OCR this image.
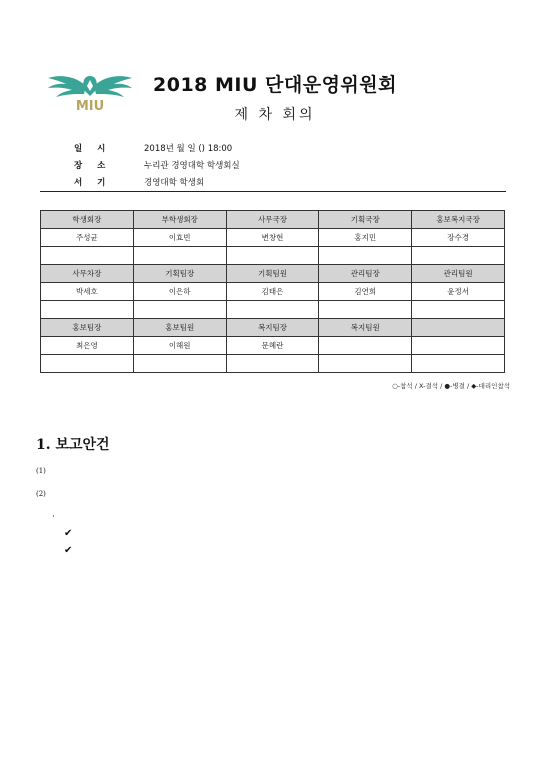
MIU
2018 MIU 단대운영위원회
제 차 회의
일 시	2018년 월 일 () 18:00
장 소	누리관 경영대학 학생회실
서 기	경영대학 학생회
학생회장	부학생회장	사무국장	기획국장	홍보복지국장
주성균	이효빈	변창현	홍지민	장수경

사무차장	기획팀장	기획팀원	관리팀장	관리팀원
박세호	이은하	김태은	김연희	윤정서

홍보팀장	홍보팀원	복지팀장	복지팀원	
최은영	이해원	문혜란		

○-참석 / X-결석 / ●-병결 / ◆-대리인참석
1. 보고안건
(1)
(2)
·
✔
✔
